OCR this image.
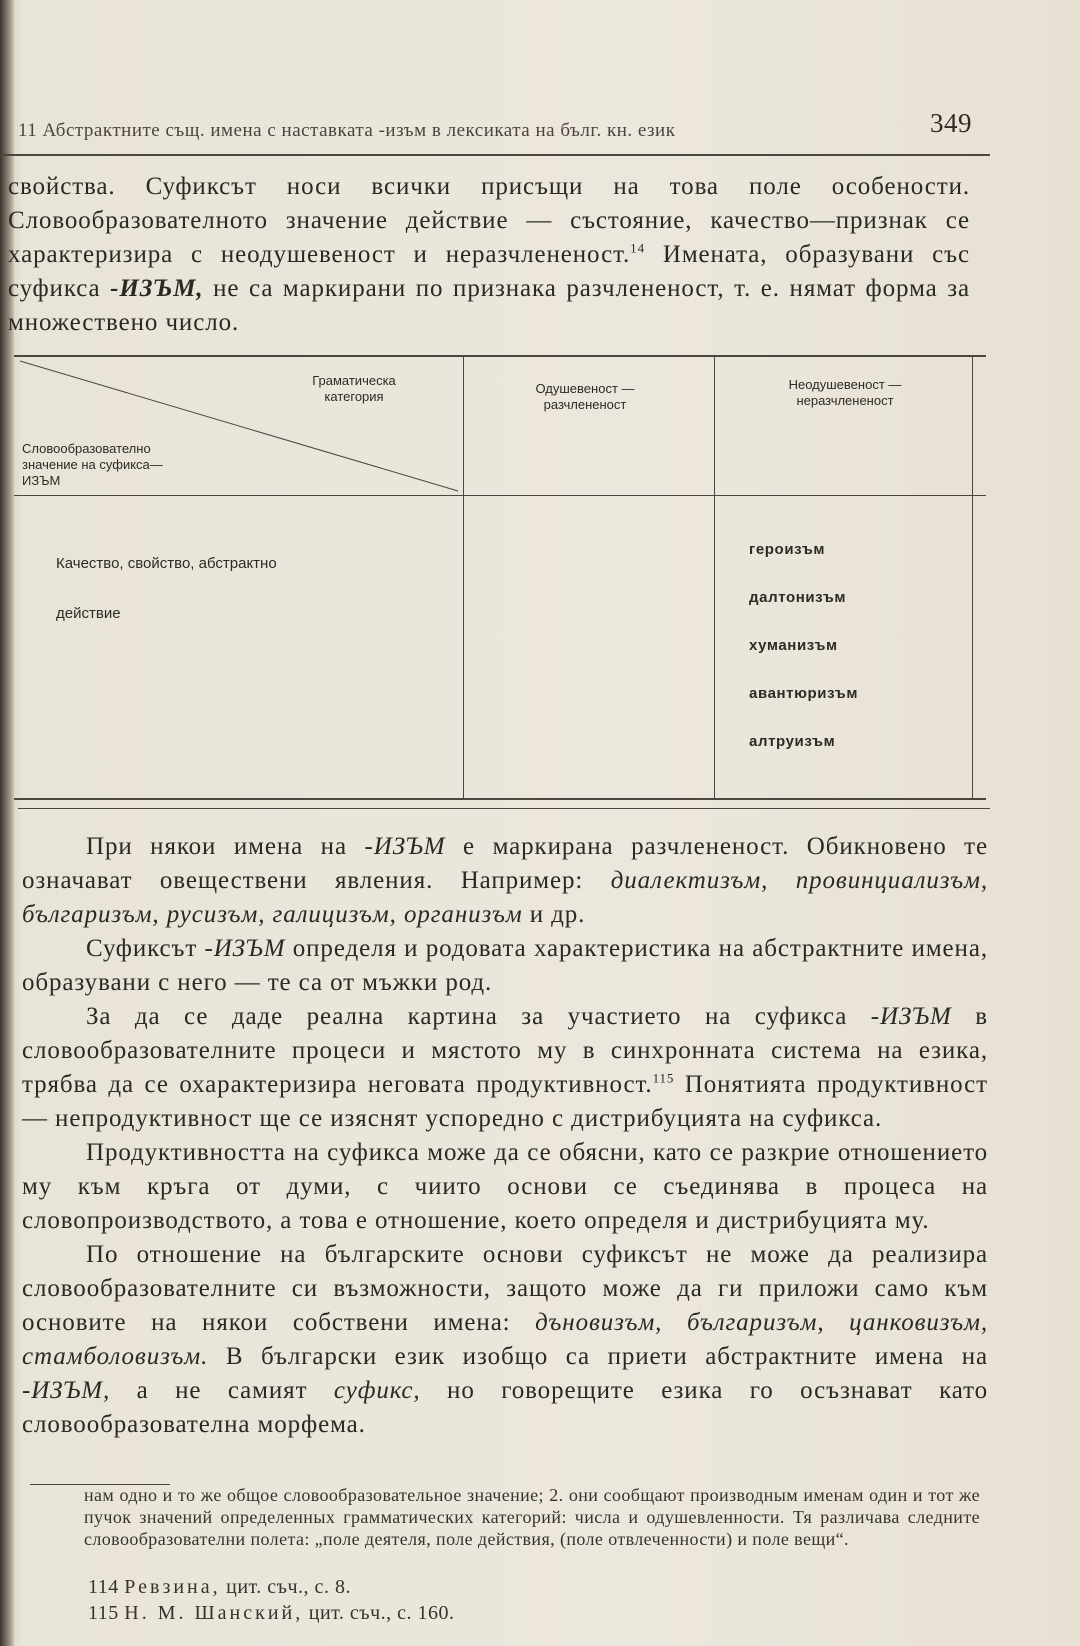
11 Абстрактните същ. имена с наставката -изъм в лексиката на бълг. кн. език	349

свойства. Суфиксът носи всички присъщи на това поле особености. Словообразователното значение действие — състояние, качество—признак се характеризира с неодушевеност и неразчлененост.$^{14}$ Имената, образувани със суфикса -ИЗЪМ, не са маркирани по признака разчлененост, т. е. нямат форма за множествено число.

Граматическа категория
Словообразователно значение на суфикса—ИЗЪМ
Одушевеност — разчлененост
Неодушевеност — неразчлененост
Качество, свойство, абстрактно
действие
героизъм
далтонизъм
хуманизъм
авантюризъм
алтруизъм

При някои имена на -ИЗЪМ е маркирана разчлененост. Обикновено те означават овеществени явления. Например: диалектизъм, провинциализъм, българизъм, русизъм, галицизъм, организъм и др.

Суфиксът -ИЗЪМ определя и родовата характеристика на абстрактните имена, образувани с него — те са от мъжки род.

За да се даде реална картина за участието на суфикса -ИЗЪМ в словообразователните процеси и мястото му в синхронната система на езика, трябва да се охарактеризира неговата продуктивност.$^{115}$ Понятията продуктивност — непродуктивност ще се изяснят успоредно с дистрибуцията на суфикса.

Продуктивността на суфикса може да се обясни, като се разкрие отношението му към кръга от думи, с чиито основи се съединява в процеса на словопроизводството, а това е отношение, което определя и дистрибуцията му.

По отношение на българските основи суфиксът не може да реализира словообразователните си възможности, защото може да ги приложи само към основите на някои собствени имена: дъновизъм, българизъм, цанковизъм, стамболовизъм. В български език изобщо са приети абстрактните имена на -ИЗЪМ, а не самият суфикс, но говорещите езика го осъзнават като словообразователна морфема.

нам одно и то же общое словообразовательное значение; 2. они сообщают производным именам один и тот же пучок значений определенных грамматических категорий: числа и одушевленности. Тя различава следните словообразователни полета: „поле деятеля, поле действия, (поле отвлеченности) и поле вещи“.

114 Ревзина, цит. съч., с. 8.
115 Н. М. Шанский, цит. съч., с. 160.
